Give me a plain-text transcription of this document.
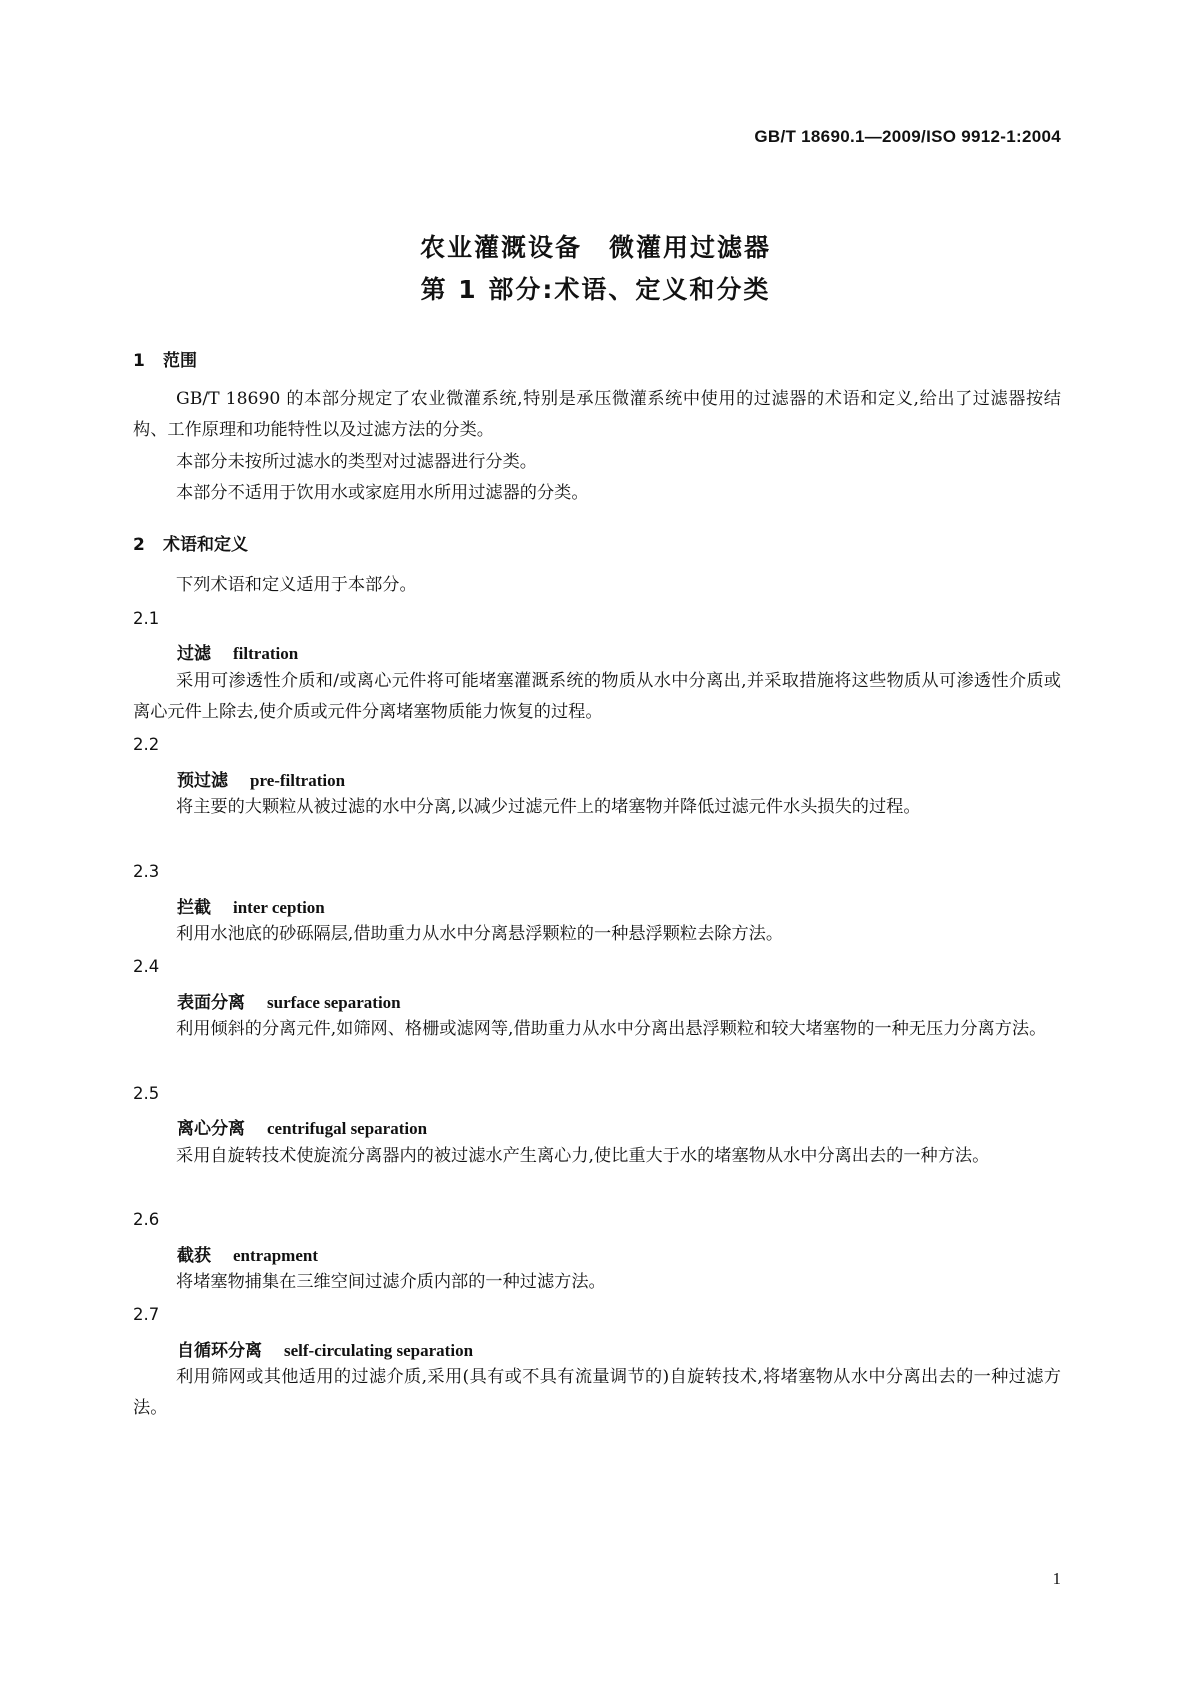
GB/T 18690.1—2009/ISO 9912-1:2004
农业灌溉设备　微灌用过滤器
第 1 部分:术语、定义和分类
1 范围
GB/T 18690 的本部分规定了农业微灌系统,特别是承压微灌系统中使用的过滤器的术语和定义,给出了过滤器按结构、工作原理和功能特性以及过滤方法的分类。
本部分未按所过滤水的类型对过滤器进行分类。
本部分不适用于饮用水或家庭用水所用过滤器的分类。
2 术语和定义
下列术语和定义适用于本部分。
2.1
过滤 filtration
采用可渗透性介质和/或离心元件将可能堵塞灌溉系统的物质从水中分离出,并采取措施将这些物质从可渗透性介质或离心元件上除去,使介质或元件分离堵塞物质能力恢复的过程。
2.2
预过滤 pre-filtration
将主要的大颗粒从被过滤的水中分离,以减少过滤元件上的堵塞物并降低过滤元件水头损失的过程。
2.3
拦截 inter ception
利用水池底的砂砾隔层,借助重力从水中分离悬浮颗粒的一种悬浮颗粒去除方法。
2.4
表面分离 surface separation
利用倾斜的分离元件,如筛网、格栅或滤网等,借助重力从水中分离出悬浮颗粒和较大堵塞物的一种无压力分离方法。
2.5
离心分离 centrifugal separation
采用自旋转技术使旋流分离器内的被过滤水产生离心力,使比重大于水的堵塞物从水中分离出去的一种方法。
2.6
截获 entrapment
将堵塞物捕集在三维空间过滤介质内部的一种过滤方法。
2.7
自循环分离 self-circulating separation
利用筛网或其他适用的过滤介质,采用(具有或不具有流量调节的)自旋转技术,将堵塞物从水中分离出去的一种过滤方法。
1
